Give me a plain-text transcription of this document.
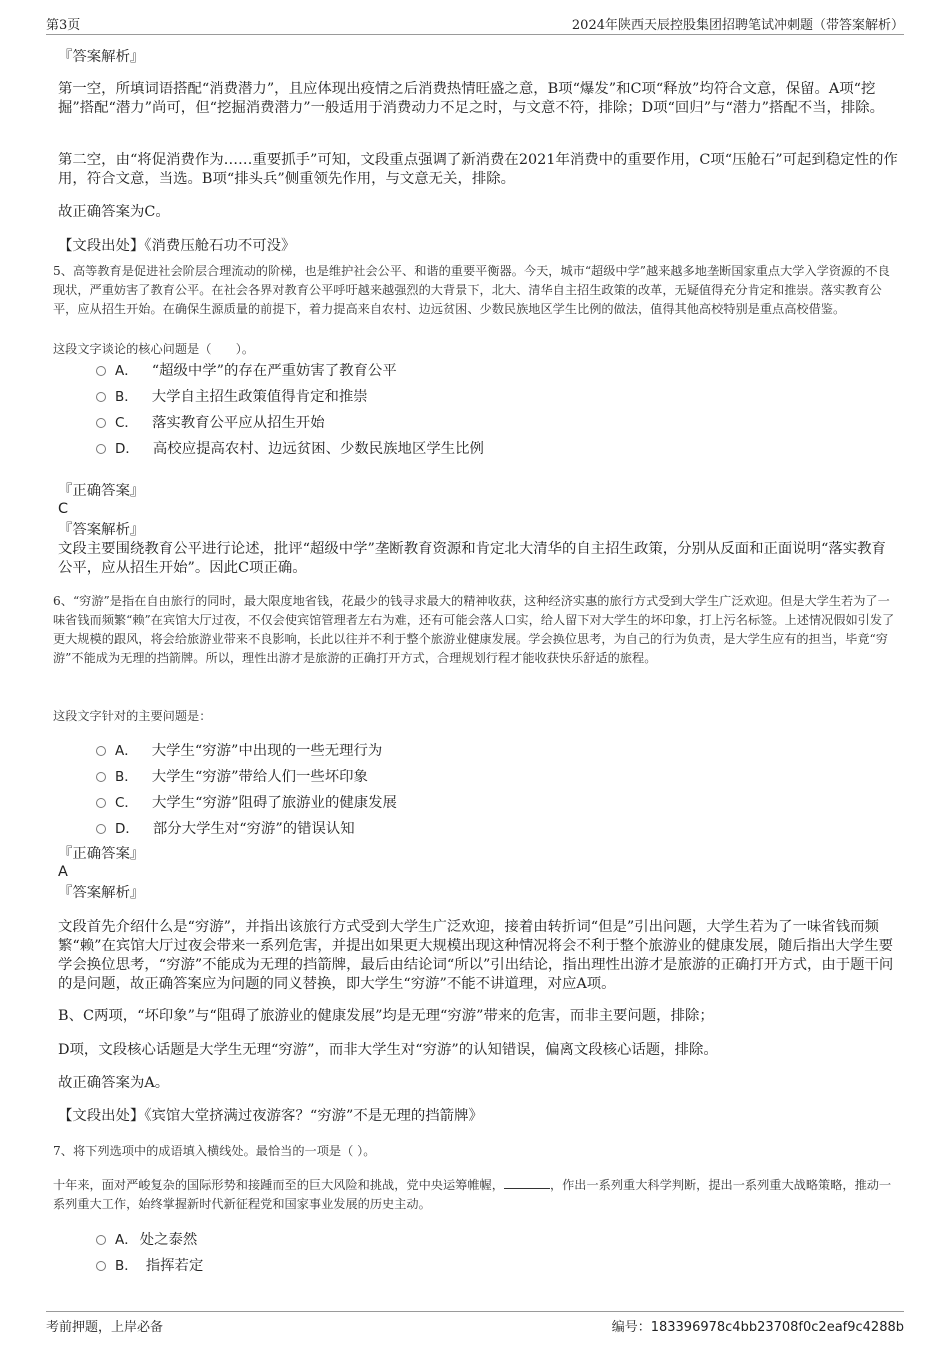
第3页	2024年陕西天辰控股集团招聘笔试冲刺题（带答案解析）

『答案解析』

第一空，所填词语搭配“消费潜力”，且应体现出疫情之后消费热情旺盛之意，B项“爆发”和C项“释放”均符合文意，保留。A项“挖掘”搭配“潜力”尚可，但“挖掘消费潜力”一般适用于消费动力不足之时，与文意不符，排除；D项“回归”与“潜力”搭配不当，排除。

第二空，由“将促消费作为……重要抓手”可知，文段重点强调了新消费在2021年消费中的重要作用，C项“压舱石”可起到稳定性的作用，符合文意，当选。B项“排头兵”侧重领先作用，与文意无关，排除。

故正确答案为C。

【文段出处】《消费压舱石功不可没》

5、高等教育是促进社会阶层合理流动的阶梯，也是维护社会公平、和谐的重要平衡器。今天，城市“超级中学”越来越多地垄断国家重点大学入学资源的不良现状，严重妨害了教育公平。在社会各界对教育公平呼吁越来越强烈的大背景下，北大、清华自主招生政策的改革，无疑值得充分肯定和推崇。落实教育公平，应从招生开始。在确保生源质量的前提下，着力提高来自农村、边远贫困、少数民族地区学生比例的做法，值得其他高校特别是重点高校借鉴。

这段文字谈论的核心问题是（　　）。

A． “超级中学”的存在严重妨害了教育公平
B． 大学自主招生政策值得肯定和推崇
C． 落实教育公平应从招生开始
D． 高校应提高农村、边远贫困、少数民族地区学生比例

『正确答案』

C

『答案解析』

文段主要围绕教育公平进行论述，批评“超级中学”垄断教育资源和肯定北大清华的自主招生政策，分别从反面和正面说明“落实教育公平，应从招生开始”。因此C项正确。

6、“穷游”是指在自由旅行的同时，最大限度地省钱，花最少的钱寻求最大的精神收获，这种经济实惠的旅行方式受到大学生广泛欢迎。但是大学生若为了一味省钱而频繁“赖”在宾馆大厅过夜，不仅会使宾馆管理者左右为难，还有可能会落人口实，给人留下对大学生的坏印象，打上污名标签。上述情况假如引发了更大规模的跟风，将会给旅游业带来不良影响，长此以往并不利于整个旅游业健康发展。学会换位思考，为自己的行为负责，是大学生应有的担当，毕竟“穷游”不能成为无理的挡箭牌。所以，理性出游才是旅游的正确打开方式，合理规划行程才能收获快乐舒适的旅程。

这段文字针对的主要问题是：

A． 大学生“穷游”中出现的一些无理行为
B． 大学生“穷游”带给人们一些坏印象
C． 大学生“穷游”阻碍了旅游业的健康发展
D． 部分大学生对“穷游”的错误认知

『正确答案』

A

『答案解析』

文段首先介绍什么是“穷游”，并指出该旅行方式受到大学生广泛欢迎，接着由转折词“但是”引出问题，大学生若为了一味省钱而频繁“赖”在宾馆大厅过夜会带来一系列危害，并提出如果更大规模出现这种情况将会不利于整个旅游业的健康发展，随后指出大学生要学会换位思考，“穷游”不能成为无理的挡箭牌，最后由结论词“所以”引出结论，指出理性出游才是旅游的正确打开方式，由于题干问的是问题，故正确答案应为问题的同义替换，即大学生“穷游”不能不讲道理，对应A项。

B、C两项，“坏印象”与“阻碍了旅游业的健康发展”均是无理“穷游”带来的危害，而非主要问题，排除；

D项，文段核心话题是大学生无理“穷游”，而非大学生对“穷游”的认知错误，偏离文段核心话题，排除。

故正确答案为A。

【文段出处】《宾馆大堂挤满过夜游客？“穷游”不是无理的挡箭牌》

7、将下列选项中的成语填入横线处。最恰当的一项是（ ）。

十年来，面对严峻复杂的国际形势和接踵而至的巨大风险和挑战，党中央运筹帷幄，	，作出一系列重大科学判断，提出一系列重大战略策略，推动一系列重大工作，始终掌握新时代新征程党和国家事业发展的历史主动。

A． 处之泰然
B． 指挥若定
考前押题，上岸必备	编号：183396978c4bb23708f0c2eaf9c4288b
